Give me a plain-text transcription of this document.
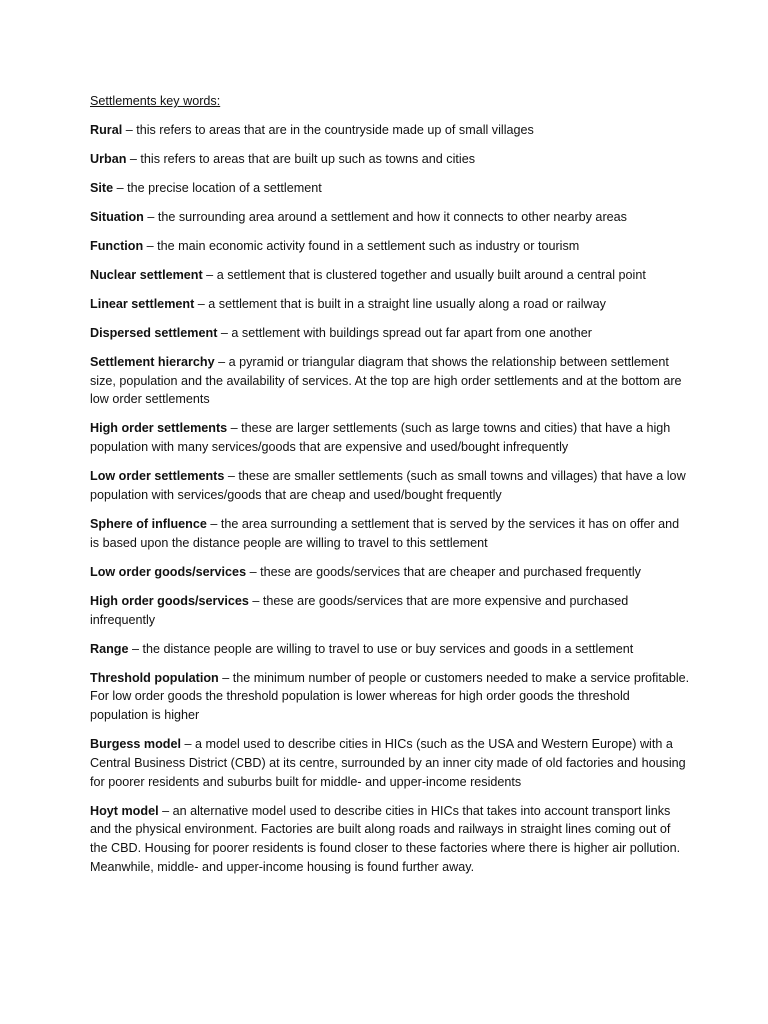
Settlements key words:

Rural – this refers to areas that are in the countryside made up of small villages

Urban – this refers to areas that are built up such as towns and cities

Site – the precise location of a settlement

Situation – the surrounding area around a settlement and how it connects to other nearby areas

Function – the main economic activity found in a settlement such as industry or tourism

Nuclear settlement – a settlement that is clustered together and usually built around a central point

Linear settlement – a settlement that is built in a straight line usually along a road or railway

Dispersed settlement – a settlement with buildings spread out far apart from one another

Settlement hierarchy – a pyramid or triangular diagram that shows the relationship between settlement size, population and the availability of services. At the top are high order settlements and at the bottom are low order settlements

High order settlements – these are larger settlements (such as large towns and cities) that have a high population with many services/goods that are expensive and used/bought infrequently

Low order settlements – these are smaller settlements (such as small towns and villages) that have a low population with services/goods that are cheap and used/bought frequently

Sphere of influence – the area surrounding a settlement that is served by the services it has on offer and is based upon the distance people are willing to travel to this settlement

Low order goods/services – these are goods/services that are cheaper and purchased frequently

High order goods/services – these are goods/services that are more expensive and purchased infrequently

Range – the distance people are willing to travel to use or buy services and goods in a settlement

Threshold population – the minimum number of people or customers needed to make a service profitable. For low order goods the threshold population is lower whereas for high order goods the threshold population is higher

Burgess model – a model used to describe cities in HICs (such as the USA and Western Europe) with a Central Business District (CBD) at its centre, surrounded by an inner city made of old factories and housing for poorer residents and suburbs built for middle- and upper-income residents

Hoyt model – an alternative model used to describe cities in HICs that takes into account transport links and the physical environment. Factories are built along roads and railways in straight lines coming out of the CBD. Housing for poorer residents is found closer to these factories where there is higher air pollution. Meanwhile, middle- and upper-income housing is found further away.
